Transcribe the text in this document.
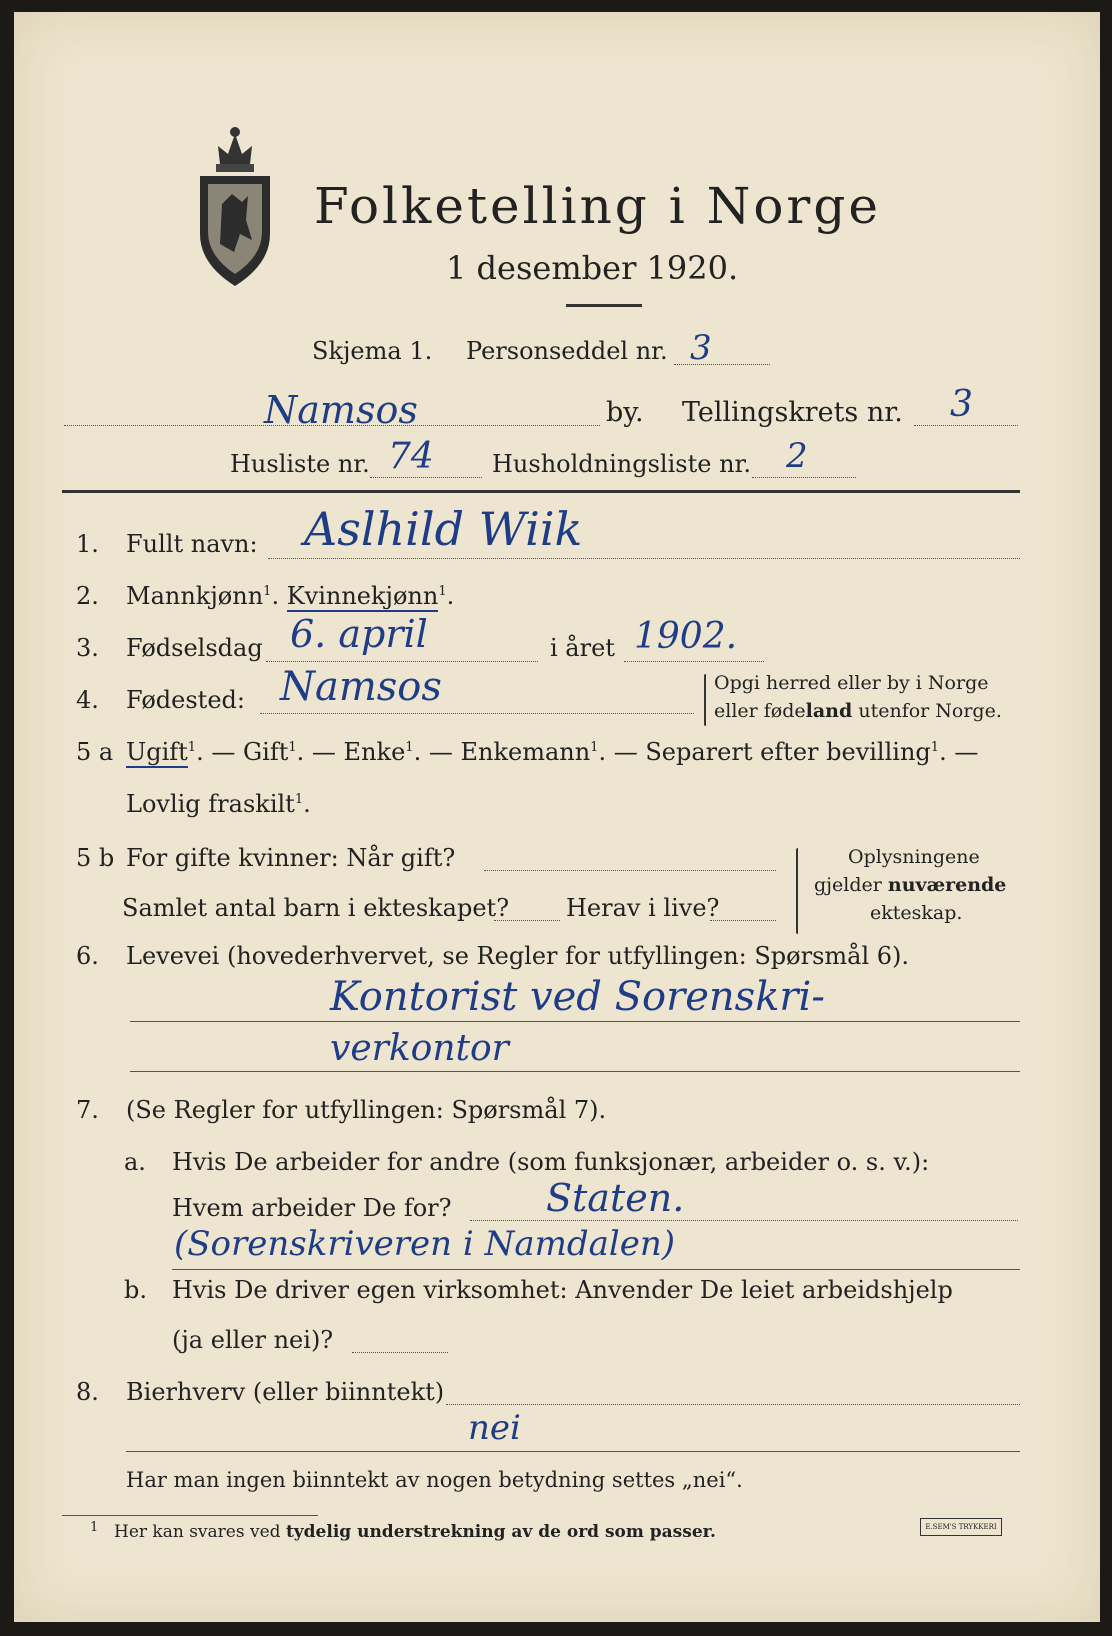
Folketelling i Norge
1 desember 1920.
Skjema 1. Personseddel nr. 3
Namsos	by. Tellingskrets nr. 3
Husliste nr. 74 Husholdningsliste nr. 2
1. Fullt navn: Aslhild Wiik
2. Mannkjønn$^1$. Kvinnekjønn$^1$.
3. Fødselsdag 6. april	i året 1902.
4. Fødested: Namsos	Opgi herred eller by i Norge
eller fødeland utenfor Norge.
5 a Ugift$^1$. — Gift$^1$. — Enke$^1$. — Enkemann$^1$. — Separert efter bevilling$^1$. —
Lovlig fraskilt$^1$.
5 b For gifte kvinner: Når gift?
Samlet antal barn i ekteskapet? Herav i live?
Oplysningene
gjelder nuværende
ekteskap.
6. Levevei (hovederhvervet, se Regler for utfyllingen: Spørsmål 6).
Kontorist ved Sorenskri-
verkontor
7. (Se Regler for utfyllingen: Spørsmål 7).
a. Hvis De arbeider for andre (som funksjonær, arbeider o. s. v.):
Hvem arbeider De for? Staten.
(Sorenskriveren i Namdalen)
b. Hvis De driver egen virksomhet: Anvender De leiet arbeidshjelp
(ja eller nei)?
8. Bierhverv (eller biinntekt)
nei
Har man ingen biinntekt av nogen betydning settes „nei“.
1 Her kan svares ved tydelig understrekning av de ord som passer.	E.SEM'S TRYKKERI
